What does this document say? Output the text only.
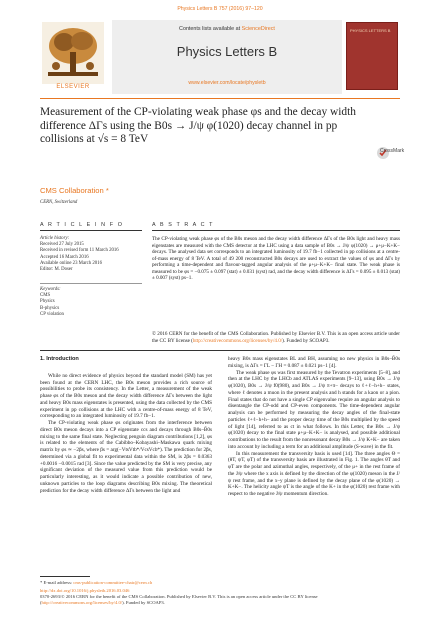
Physics Letters B 757 (2016) 97–120
ELSEVIER
Contents lists available at ScienceDirect
Physics Letters B
www.elsevier.com/locate/physletb
PHYSICS LETTERS B
Measurement of the CP-violating weak phase φs and the decay width
difference ΔΓs using the B0s → J/ψ φ(1020) decay channel in pp
collisions at √s = 8 TeV
CrossMark
CMS Collaboration *
CERN, Switzerland
A R T I C L E I N F O	A B S T R A C T
Article history:
Received 27 July 2015
Received in revised form 11 March 2016
Accepted 16 March 2016
Available online 23 March 2016
Editor: M. Doser
Keywords:
CMS
Physics
B-physics
CP violation
The CP-violating weak phase φs of the B0s meson and the decay width difference ΔΓs of the B0s light and heavy mass eigenstates are measured with the CMS detector at the LHC using a data sample of B0s → J/ψ φ(1020) → μ+μ−K+K− decays. The analysed data set corresponds to an integrated luminosity of 19.7 fb−1 collected in pp collisions at a centre-of-mass energy of 8 TeV. A total of 49 200 reconstructed B0s decays are used to extract the values of φs and ΔΓs by performing a time-dependent and flavour-tagged angular analysis of the μ+μ−K+K− final state. The weak phase is measured to be φs = −0.075 ± 0.097 (stat) ± 0.031 (syst) rad, and the decay width difference is ΔΓs = 0.095 ± 0.013 (stat) ± 0.007 (syst) ps−1.
© 2016 CERN for the benefit of the CMS Collaboration. Published by Elsevier B.V. This is an open access article under the CC BY license (http://creativecommons.org/licenses/by/4.0/). Funded by SCOAP3.
1. Introduction

While no direct evidence of physics beyond the standard model (SM) has yet been found at the CERN LHC, the B0s meson provides a rich source of possibilities to probe its consistency. In the Letter, a measurement of the weak phase φs of the B0s meson and the decay width difference ΔΓs between the light and heavy B0s mass eigenstates is presented, using the data collected by the CMS experiment in pp collisions at the LHC with a centre-of-mass energy of 8 TeV, corresponding to an integrated luminosity of 19.7 fb−1.

The CP-violating weak phase φs originates from the interference between direct B0s meson decays into a CP eigenstate ccs and decays through B0s–B̄0s mixing to the same final state. Neglecting penguin diagram contributions [1,2], φs is related to the elements of the Cabibbo–Kobayashi–Maskawa quark mixing matrix by φs ≃ −2βs, where βs = arg(−VtsVtb*/VcsVcb*). The prediction for 2βs, determined via a global fit to experimental data within the SM, is 2βs = 0.0363 +0.0016 −0.0015 rad [3]. Since the value predicted by the SM is very precise, any significant deviation of the measured value from this prediction would be particularly interesting, as it would indicate a possible contribution of new, unknown particles to the loop diagrams describing B0s mixing. The theoretical prediction for the decay width difference ΔΓs between the light and

heavy B0s mass eigenstates BL and BH, assuming no new physics in B0s–B̄0s mixing, is ΔΓs = ΓL − ΓH = 0.087 ± 0.021 ps−1 [4].

The weak phase φs was first measured by the Tevatron experiments [5–8], and then at the LHC by the LHCb and ATLAS experiments [9–13], using B0s → J/ψ φ(1020), B0s → J/ψ f0(980), and B0s → J/ψ π+π− decays to ℓ+ℓ−h+h− states, where ℓ denotes a muon in the present analysis and h stands for a kaon or a pion. Final states that do not have a single CP eigenvalue require an angular analysis to disentangle the CP-odd and CP-even components. The time-dependent angular analysis can be performed by measuring the decay angles of the final-state particles ℓ+ℓ−h+h− and the proper decay time of the B0s multiplied by the speed of light [14], referred to as ct in what follows. In this Letter, the B0s → J/ψ φ(1020) decay to the final state μ+μ−K+K− is analysed, and possible additional contributions to the result from the nonresonant decay B0s → J/ψ K+K− are taken into account by including a term for an additional amplitude (S-wave) in the fit.

In this measurement the transversity basis is used [14]. The three angles Θ = (θT, ψT, φT) of the transversity basis are illustrated in Fig. 1. The angles θT and φT are the polar and azimuthal angles, respectively, of the μ+ in the rest frame of the J/ψ where the x axis is defined by the direction of the φ(1020) meson in the J/ψ rest frame, and the x–y plane is defined by the decay plane of the φ(1020) → K+K−. The helicity angle ψT is the angle of the K+ in the φ(1020) rest frame with respect to the negative J/ψ momentum direction.

* E-mail address: cms-publication-committee-chair@cern.ch
http://dx.doi.org/10.1016/j.physletb.2016.03.046
0370-2693/© 2016 CERN for the benefit of the CMS Collaboration. Published by Elsevier B.V. This is an open access article under the CC BY license
(http://creativecommons.org/licenses/by/4.0/). Funded by SCOAP3.
